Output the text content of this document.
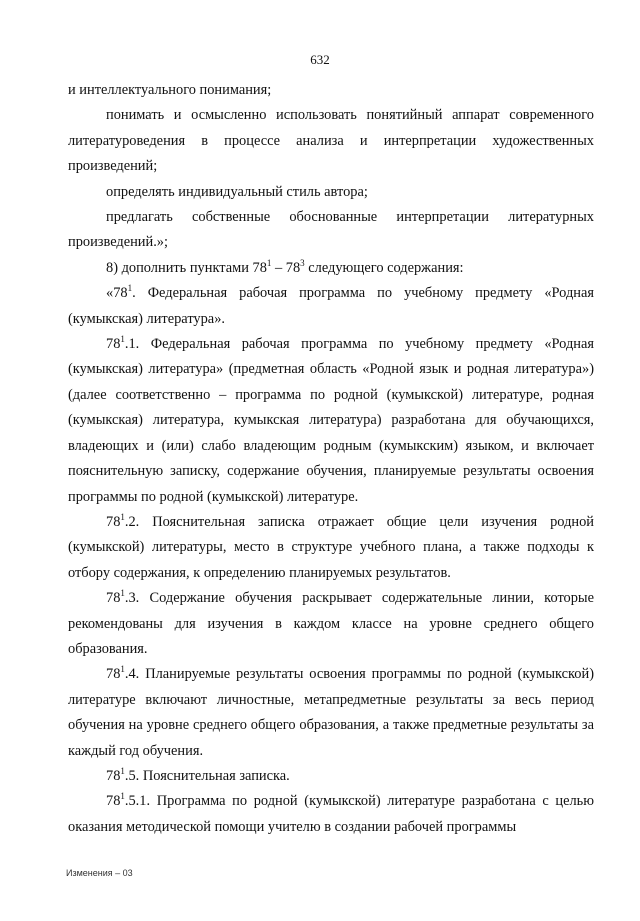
632

и интеллектуального понимания;

понимать и осмысленно использовать понятийный аппарат современного литературоведения в процессе анализа и интерпретации художественных произведений;

определять индивидуальный стиль автора;

предлагать собственные обоснованные интерпретации литературных произведений.»;

8) дополнить пунктами $78^1 - 78^3$ следующего содержания:

«$78^1$. Федеральная рабочая программа по учебному предмету «Родная (кумыкская) литература».

$78^1.1$. Федеральная рабочая программа по учебному предмету «Родная (кумыкская) литература» (предметная область «Родной язык и родная литература») (далее соответственно – программа по родной (кумыкской) литературе, родная (кумыкская) литература, кумыкская литература) разработана для обучающихся, владеющих и (или) слабо владеющим родным (кумыкским) языком, и включает пояснительную записку, содержание обучения, планируемые результаты освоения программы по родной (кумыкской) литературе.

$78^1.2$. Пояснительная записка отражает общие цели изучения родной (кумыкской) литературы, место в структуре учебного плана, а также подходы к отбору содержания, к определению планируемых результатов.

$78^1.3$. Содержание обучения раскрывает содержательные линии, которые рекомендованы для изучения в каждом классе на уровне среднего общего образования.

$78^1.4$. Планируемые результаты освоения программы по родной (кумыкской) литературе включают личностные, метапредметные результаты за весь период обучения на уровне среднего общего образования, а также предметные результаты за каждый год обучения.

$78^1.5$. Пояснительная записка.

$78^1.5.1$. Программа по родной (кумыкской) литературе разработана с целью оказания методической помощи учителю в создании рабочей программы

Изменения – 03
